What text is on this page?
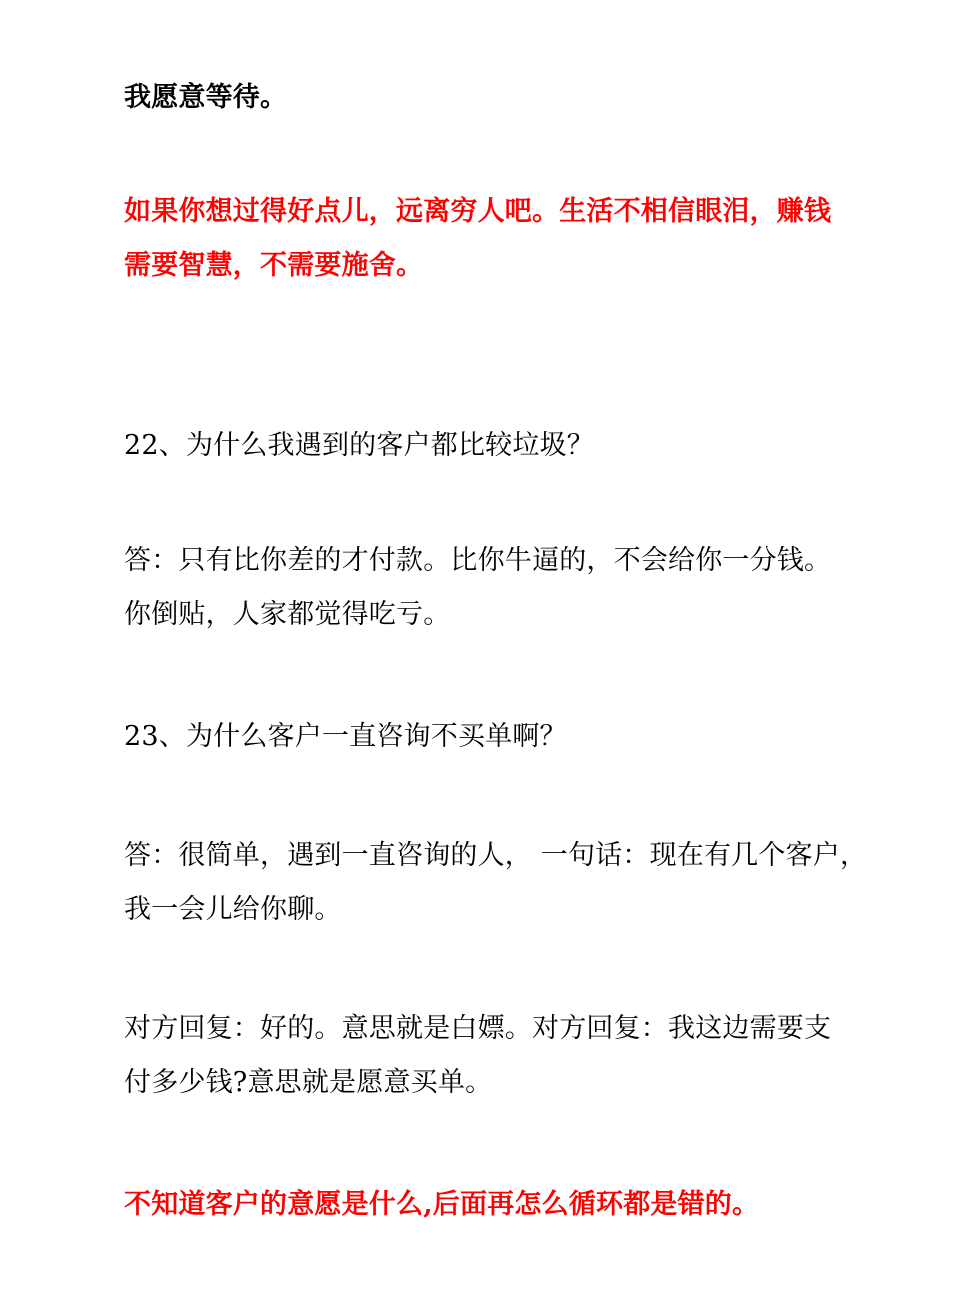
我愿意等待。
如果你想过得好点儿，远离穷人吧。生活不相信眼泪，赚钱
需要智慧，不需要施舍。
22、为什么我遇到的客户都比较垃圾？
答：只有比你差的才付款。比你牛逼的，不会给你一分钱。
你倒贴，人家都觉得吃亏。
23、为什么客户一直咨询不买单啊？
答：很简单，遇到一直咨询的人， 一句话：现在有几个客户，
我一会儿给你聊。
对方回复：好的。意思就是白嫖。对方回复：我这边需要支
付多少钱?意思就是愿意买单。
不知道客户的意愿是什么,后面再怎么循环都是错的。
